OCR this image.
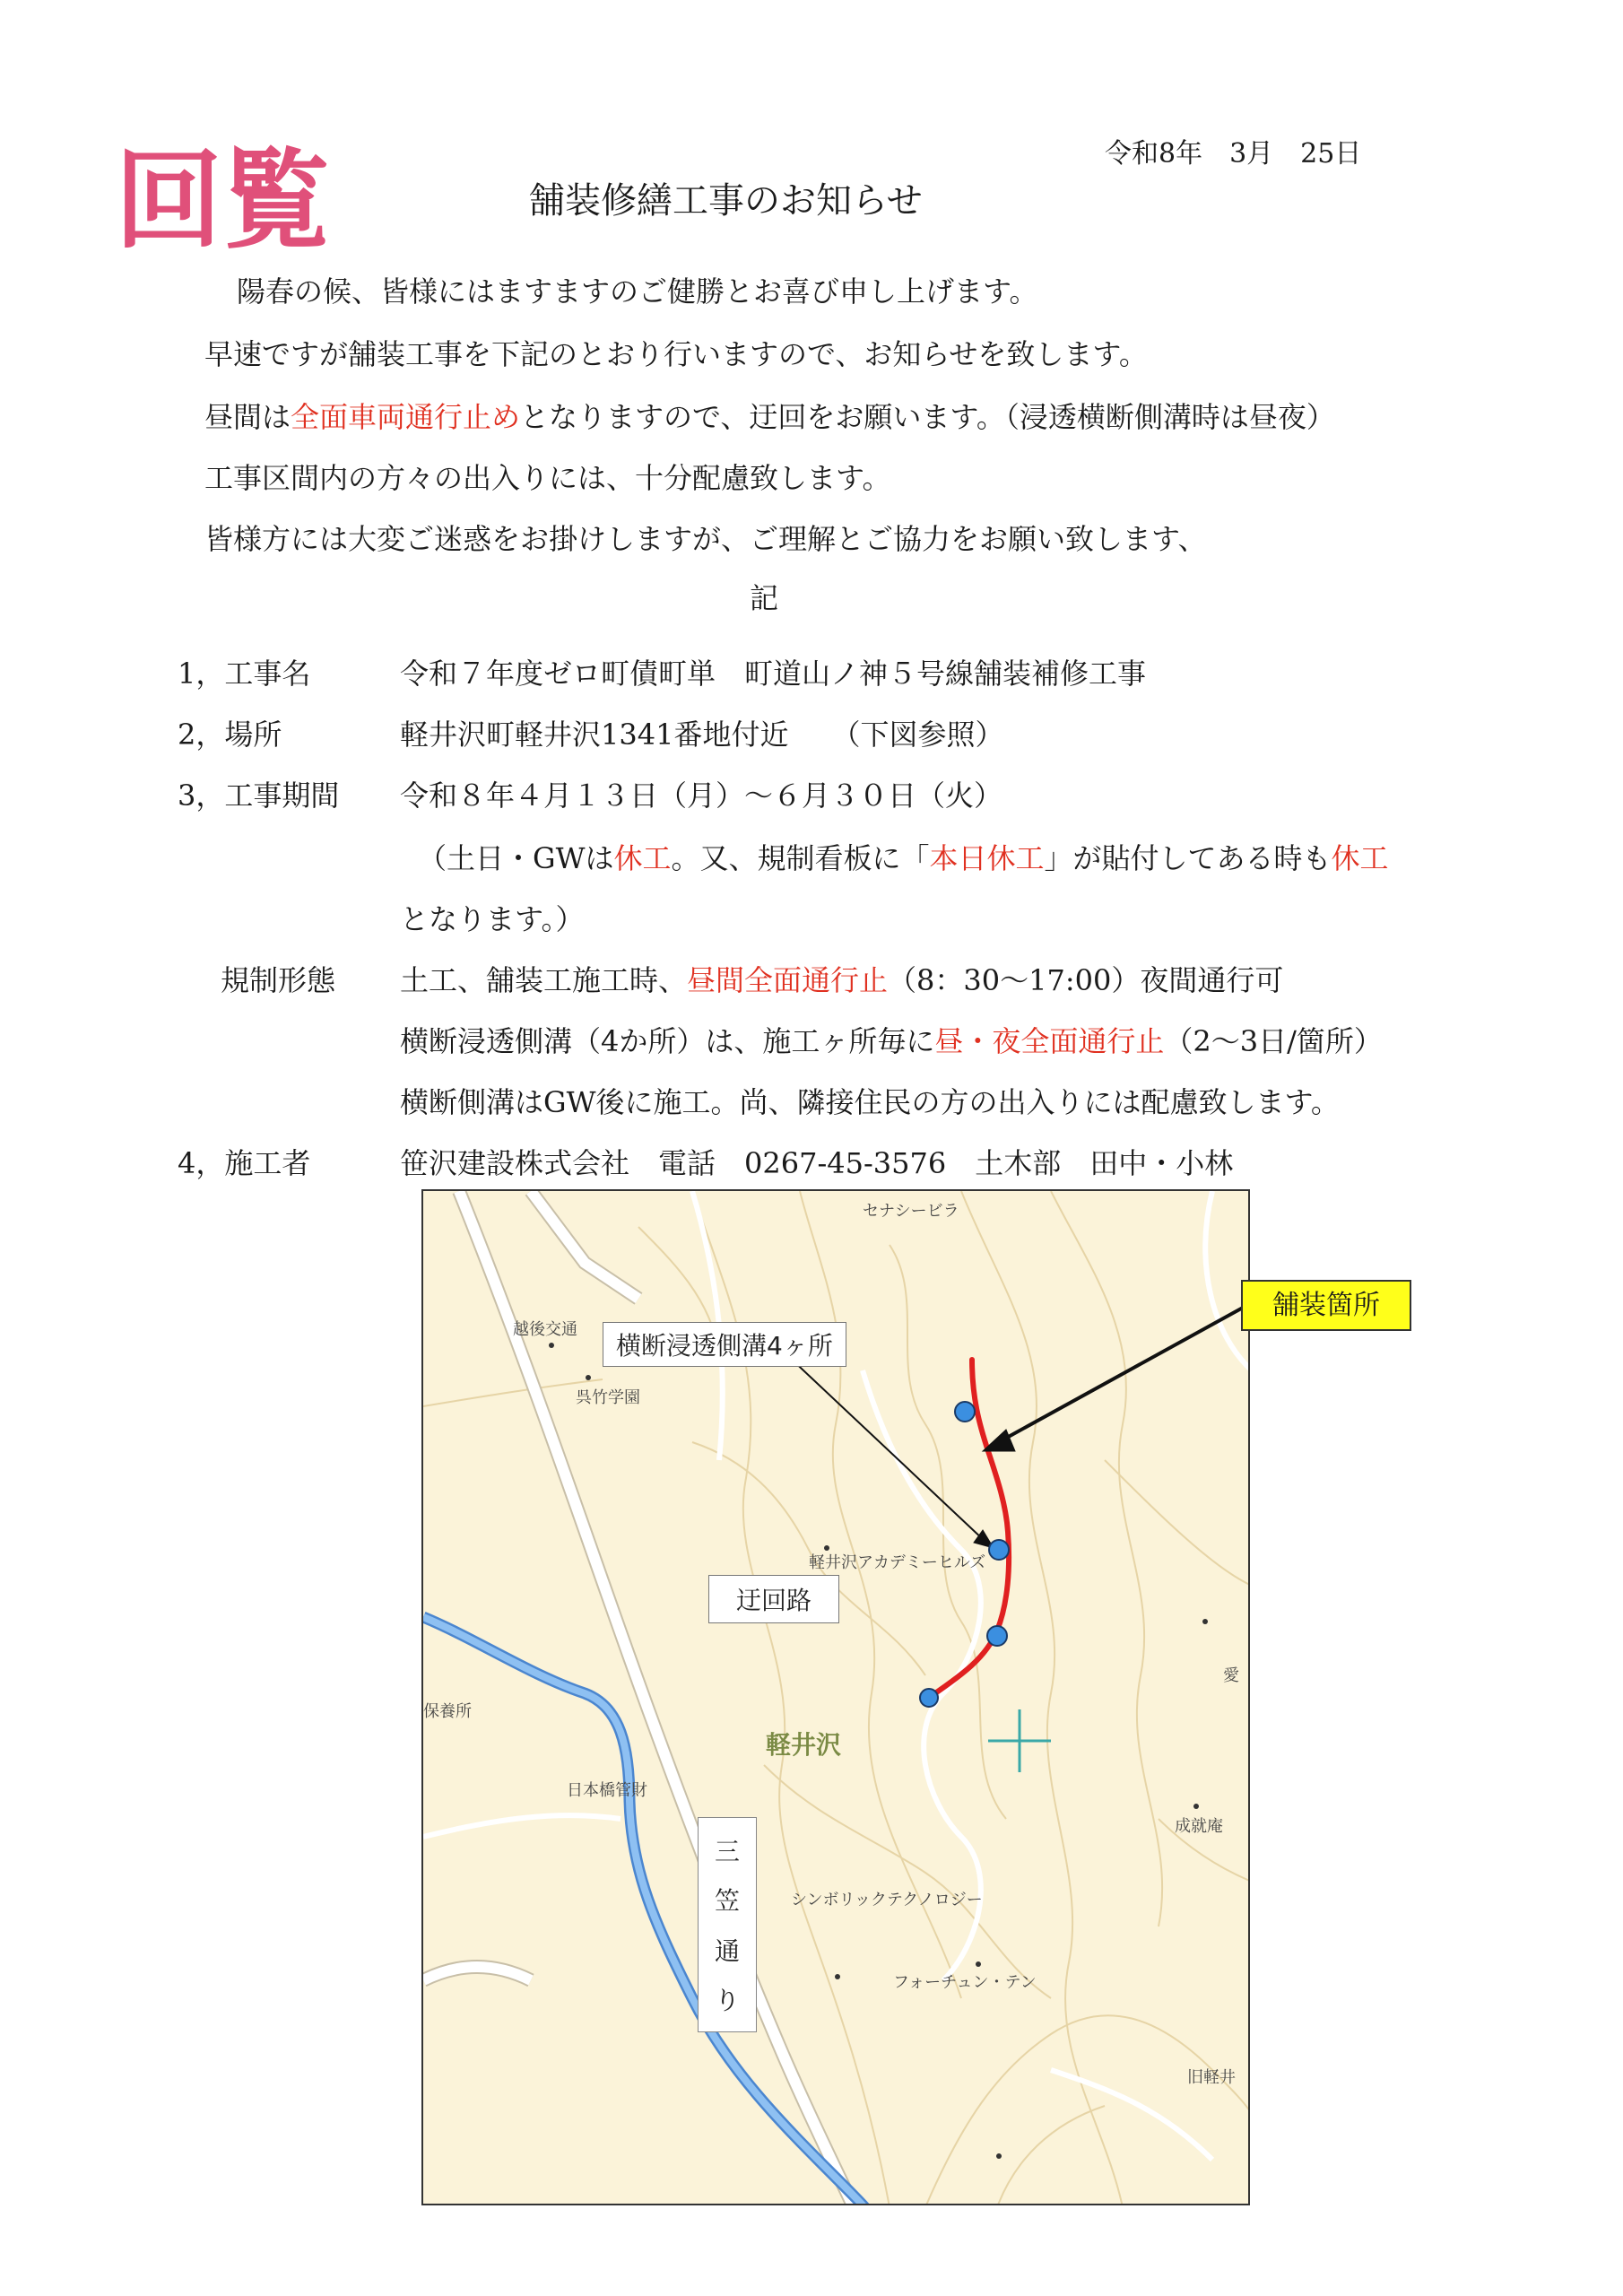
回覧	令和8年　3月　25日
舗装修繕工事のお知らせ
陽春の候、皆様にはますますのご健勝とお喜び申し上げます。
早速ですが舗装工事を下記のとおり行いますので、お知らせを致します。
昼間は全面車両通行止めとなりますので、迂回をお願います。（浸透横断側溝時は昼夜）
工事区間内の方々の出入りには、十分配慮致します。
皆様方には大変ご迷惑をお掛けしますが、ご理解とご協力をお願い致します、
記
1，工事名	令和７年度ゼロ町債町単　町道山ノ神５号線舗装補修工事
2，場所	軽井沢町軽井沢1341番地付近　　（下図参照）
3，工事期間 令和８年４月１３日（月）～６月３０日（火）
（土日・GWは休工。又、規制看板に「本日休工」が貼付してある時も休工
となります。）
規制形態 土工、舗装工施工時、昼間全面通行止（8：30～17:00）夜間通行可
横断浸透側溝（4か所）は、施工ヶ所毎に昼・夜全面通行止（2～3日/箇所）
横断側溝はGW後に施工。尚、隣接住民の方の出入りには配慮致します。
4，施工者	笹沢建設株式会社　電話　0267-45-3576　土木部　田中・小林
セナシービラ
越後交通
呉竹学園
軽井沢アカデミーヒルズ
軽井沢
保養所
日本橋管財
成就庵
シンボリックテクノロジー
フォーチュン・テン
旧軽井
愛
横断浸透側溝4ヶ所
迂回路
舗装箇所
三
笠
通
り
